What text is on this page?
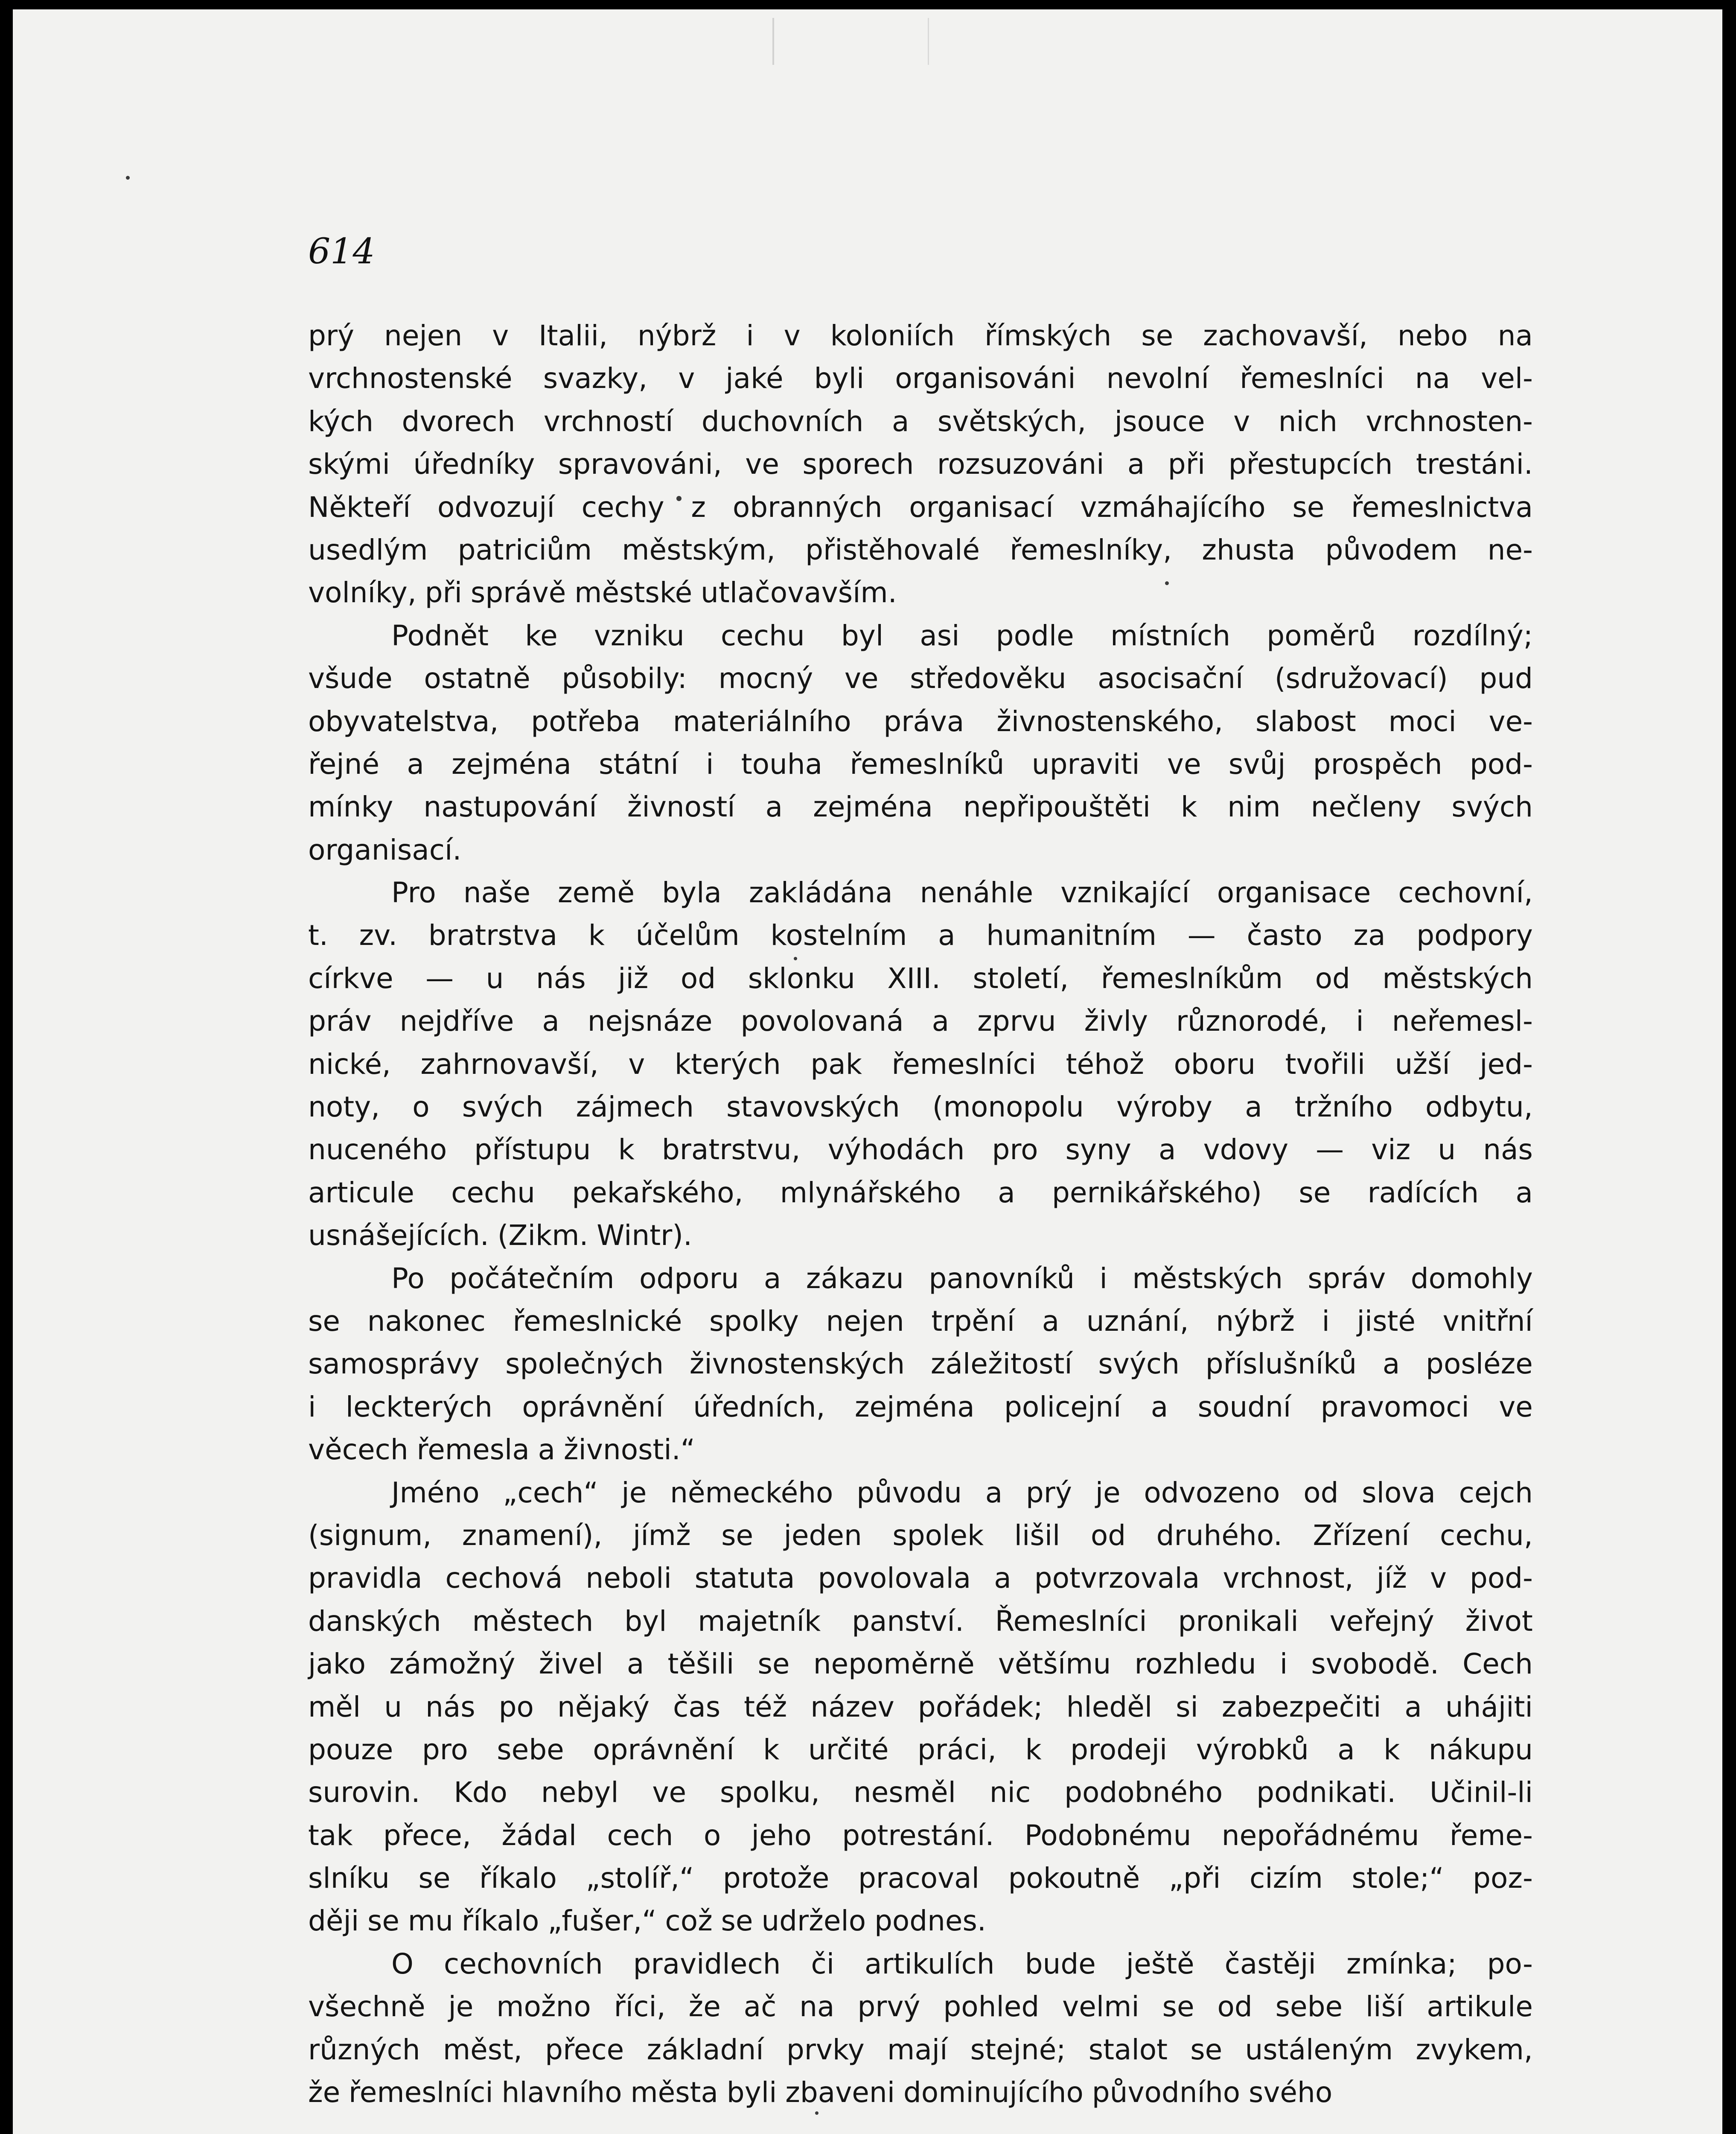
614

prý nejen v Italii, nýbrž i v koloniích římských se zachovavší, nebo na
vrchnostenské svazky, v jaké byli organisováni nevolní řemeslníci na vel-
kých dvorech vrchností duchovních a světských, jsouce v nich vrchnosten-
skými úředníky spravováni, ve sporech rozsuzováni a při přestupcích trestáni.
Někteří odvozují cechy z obranných organisací vzmáhajícího se řemeslnictva
usedlým patriciům městským, přistěhovalé řemeslníky, zhusta původem ne-
volníky, při správě městské utlačovavším.
Podnět ke vzniku cechu byl asi podle místních poměrů rozdílný;
všude ostatně působily: mocný ve středověku asocisační (sdružovací) pud
obyvatelstva, potřeba materiálního práva živnostenského, slabost moci ve-
řejné a zejména státní i touha řemeslníků upraviti ve svůj prospěch pod-
mínky nastupování živností a zejména nepřipouštěti k nim nečleny svých
organisací.
Pro naše země byla zakládána nenáhle vznikající organisace cechovní,
t. zv. bratrstva k účelům kostelním a humanitním — často za podpory
církve — u nás již od sklonku XIII. století, řemeslníkům od městských
práv nejdříve a nejsnáze povolovaná a zprvu živly různorodé, i neřemesl-
nické, zahrnovavší, v kterých pak řemeslníci téhož oboru tvořili užší jed-
noty, o svých zájmech stavovských (monopolu výroby a tržního odbytu,
nuceného přístupu k bratrstvu, výhodách pro syny a vdovy — viz u nás
articule cechu pekařského, mlynářského a pernikářského) se radících a
usnášejících. (Zikm. Wintr).
Po počátečním odporu a zákazu panovníků i městských správ domohly
se nakonec řemeslnické spolky nejen trpění a uznání, nýbrž i jisté vnitřní
samosprávy společných živnostenských záležitostí svých příslušníků a posléze
i leckterých oprávnění úředních, zejména policejní a soudní pravomoci ve
věcech řemesla a živnosti.“
Jméno „cech“ je německého původu a prý je odvozeno od slova cejch
(signum, znamení), jímž se jeden spolek lišil od druhého. Zřízení cechu,
pravidla cechová neboli statuta povolovala a potvrzovala vrchnost, jíž v pod-
danských městech byl majetník panství. Řemeslníci pronikali veřejný život
jako zámožný živel a těšili se nepoměrně většímu rozhledu i svobodě. Cech
měl u nás po nějaký čas též název pořádek; hleděl si zabezpečiti a uhájiti
pouze pro sebe oprávnění k určité práci, k prodeji výrobků a k nákupu
surovin. Kdo nebyl ve spolku, nesměl nic podobného podnikati. Učinil-li
tak přece, žádal cech o jeho potrestání. Podobnému nepořádnému řeme-
slníku se říkalo „stolíř,“ protože pracoval pokoutně „při cizím stole;“ poz-
ději se mu říkalo „fušer,“ což se udrželo podnes.
O cechovních pravidlech či artikulích bude ještě častěji zmínka; po-
všechně je možno říci, že ač na prvý pohled velmi se od sebe liší artikule
různých měst, přece základní prvky mají stejné; stalot se ustáleným zvykem,
že řemeslníci hlavního města byli zbaveni dominujícího původního svého
